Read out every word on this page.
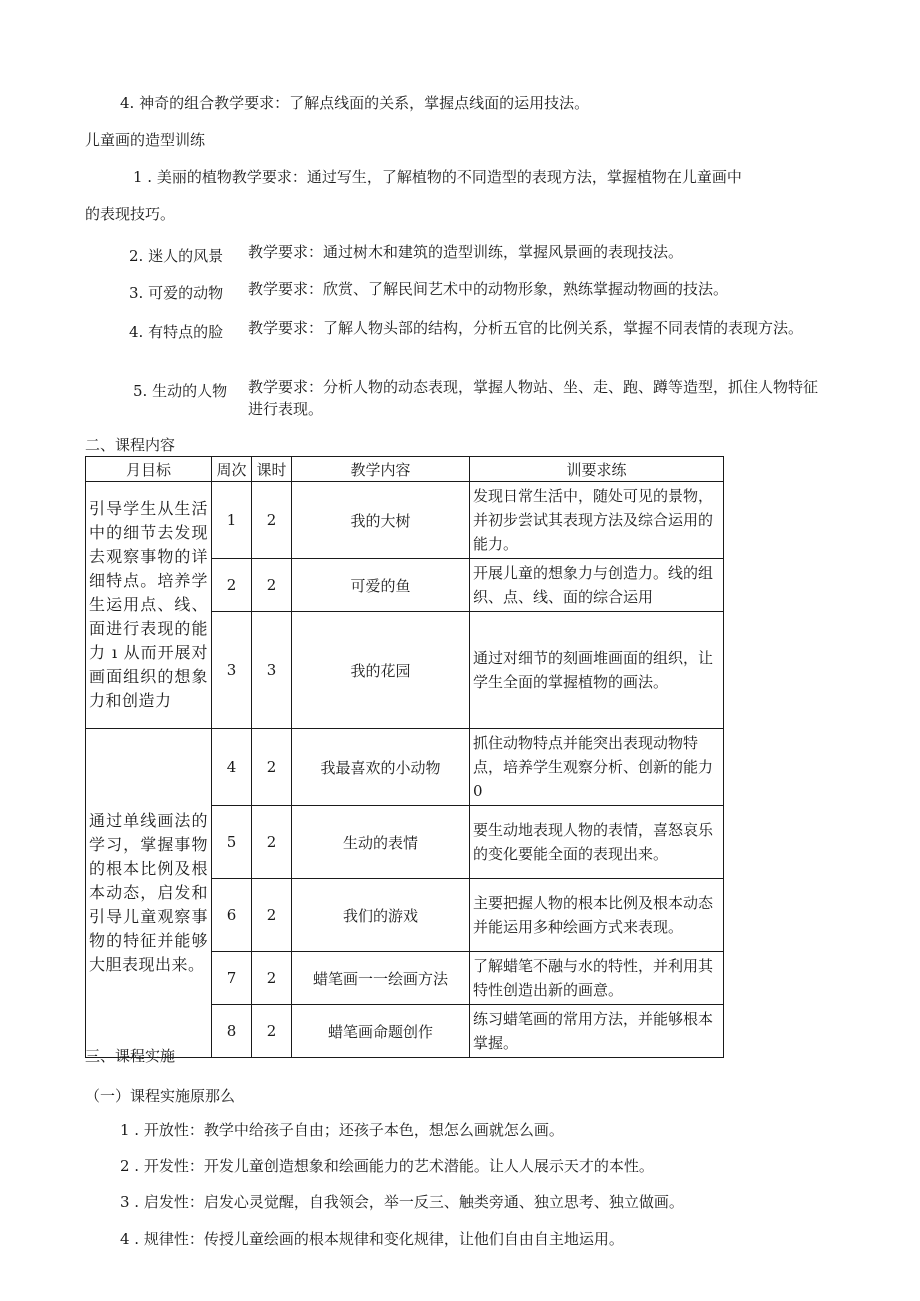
4. 神奇的组合教学要求：了解点线面的关系，掌握点线面的运用技法。
儿童画的造型训练
1 . 美丽的植物教学要求：通过写生，了解植物的不同造型的表现方法，掌握植物在儿童画中
的表现技巧。
2. 迷人的风景 教学要求：通过树木和建筑的造型训练，掌握风景画的表现技法。
3. 可爱的动物 教学要求：欣赏、了解民间艺术中的动物形象，熟练掌握动物画的技法。
4. 有特点的脸 教学要求：了解人物头部的结构，分析五官的比例关系，掌握不同表情的表现方法。
5. 生动的人物 教学要求：分析人物的动态表现，掌握人物站、坐、走、跑、蹲等造型，抓住人物特征进行表现。
二、课程内容
月目标	周次	课时	教学内容	训要求练
引导学生从生活中的细节去发现去观察事物的详细特点。培养学生运用点、线、面进行表现的能力 ı 从而开展对画面组织的想象力和创造力	1	2	我的大树	发现日常生活中，随处可见的景物，并初步尝试其表现方法及综合运用的能力。
	2	2	可爱的鱼	开展儿童的想象力与创造力。线的组织、点、线、面的综合运用
	3	3	我的花园	通过对细节的刻画堆画面的组织，让学生全面的掌握植物的画法。
通过单线画法的学习，掌握事物的根本比例及根本动态，启发和引导儿童观察事物的特征并能够大胆表现出来。	4	2	我最喜欢的小动物	抓住动物特点并能突出表现动物特点，培养学生观察分析、创新的能力 0
	5	2	生动的表情	要生动地表现人物的表情，喜怒哀乐的变化要能全面的表现出来。
	6	2	我们的游戏	主要把握人物的根本比例及根本动态并能运用多种绘画方式来表现。
	7	2	蜡笔画一一绘画方法	了解蜡笔不融与水的特性，并利用其特性创造出新的画意。
	8	2	蜡笔画命题创作	练习蜡笔画的常用方法，并能够根本掌握。
三、课程实施
（一）课程实施原那么
1 . 开放性：教学中给孩子自由；还孩子本色，想怎么画就怎么画。
2 . 开发性：开发儿童创造想象和绘画能力的艺术潜能。让人人展示天才的本性。
3 . 启发性：启发心灵觉醒，自我领会，举一反三、触类旁通、独立思考、独立做画。
4 . 规律性：传授儿童绘画的根本规律和变化规律，让他们自由自主地运用。
